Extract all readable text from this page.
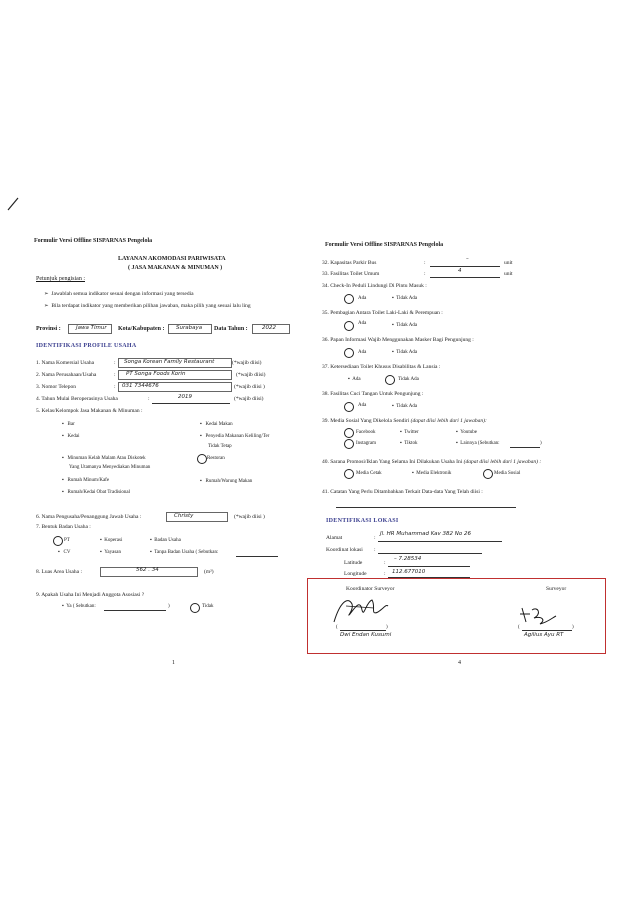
Formulir Versi Offline SISPARNAS Pengelola
LAYANAN AKOMODASI PARIWISATA
( JASA MAKANAN & MINUMAN )
Petunjuk pengisian :
➢  Jawablah semua indikator sesuai dengan informasi yang tersedia
➢  Bila terdapat indikator yang memberikan pilihan jawaban, maka pilih yang sesuai lalu ling
Provinsi :	Jawa Timur Kota/Kabupaten : Surabaya Data Tahun :	2022
IDENTIFIKASI PROFILE USAHA
1. Nama Komersial Usaha	: Songa Korean Family Restaurant	(*wajib diisi)
2. Nama Perusahaan/Usaha	: PT Songa Foods Korin	(*wajib diisi)
3. Nomor Telepon	: 031 7344676	(*wajib diisi )
4. Tahun Mulai Beroperasinya Usaha	:	2019	(*wajib diisi)
5. Kelas/Kelompok Jasa Makanan & Minuman :
▪ Bar
▪ Kedai
▪ Minuman Kelab Malam Atau Diskotek
Yang Utamanya Menyediakan Minuman
▪ Rumah Minum/Kafe
▪ Rumah/Kedai Obat Tradisional
▪ Kedai Makan
▪ Penyedia Makanan Keliling/Ter
Tidak Tetap
Restoran
▪ Rumah/Warung Makan
6. Nama Pengusaha/Penanggung Jawab Usaha :	Christy	(*wajib diisi )
7. Bentuk Badan Usaha :
PT	▪ Koperasi	▪ Badan Usaha
▪ CV	▪ Yayasan	▪ Tanpa Badan Usaha ( Sebutkan:
8. Luas Area Usaha :	562 . 34	(m²)
9. Apakah Usaha Ini Menjadi Anggota Asosiasi ?
▪ Ya ( Sebutkan:	)	Tidak
1
Formulir Versi Offline SISPARNAS Pengelola
32. Kapasitas Parkir Bus	:
–
unit
33. Fasilitas Toilet Umum	:	4	unit
34. Check-In Peduli Lindungi Di Pintu Masuk :
Ada	▪ Tidak Ada
35. Pembagian Antara Toilet Laki-Laki & Perempuan :
Ada	▪ Tidak Ada
36. Papan Informasi Wajib Menggunakan Masker Bagi Pengunjung :
Ada	▪ Tidak Ada
37. Ketersediaan Toilet Khusus Disabilitas & Lansia :
▪ Ada	Tidak Ada
38. Fasilitas Cuci Tangan Untuk Pengunjung :
Ada	▪ Tidak Ada
39. Media Sosial Yang Dikelola Sendiri (dapat diisi lebih dari 1 jawaban):
Facebook	▪ Twitter	▪ Youtube
Instagram	▪ Tiktok	▪ Lainnya (Sebutkan:	)
40. Sarana Promosi/Iklan Yang Selama Ini Dilakukan Usaha Ini (dapat diisi lebih dari 1 jawaban) :
Media Cetak	▪ Media Elektronik	Media Sosial
41. Catatan Yang Perlu Ditambahkan Terkait Data-data Yang Telah diisi :
IDENTIFIKASI LOKASI
Alamat	:
Jl. HR Muhammad Kav 382 No 26
Koordinat lokasi :
Latitude	:
– 7.28534
Longitude	: 112.677010
Koordinator Surveyor	Surveyor
(	)
Dwi Endan Kusumi
(	)
Agilius Ayu RT
4
